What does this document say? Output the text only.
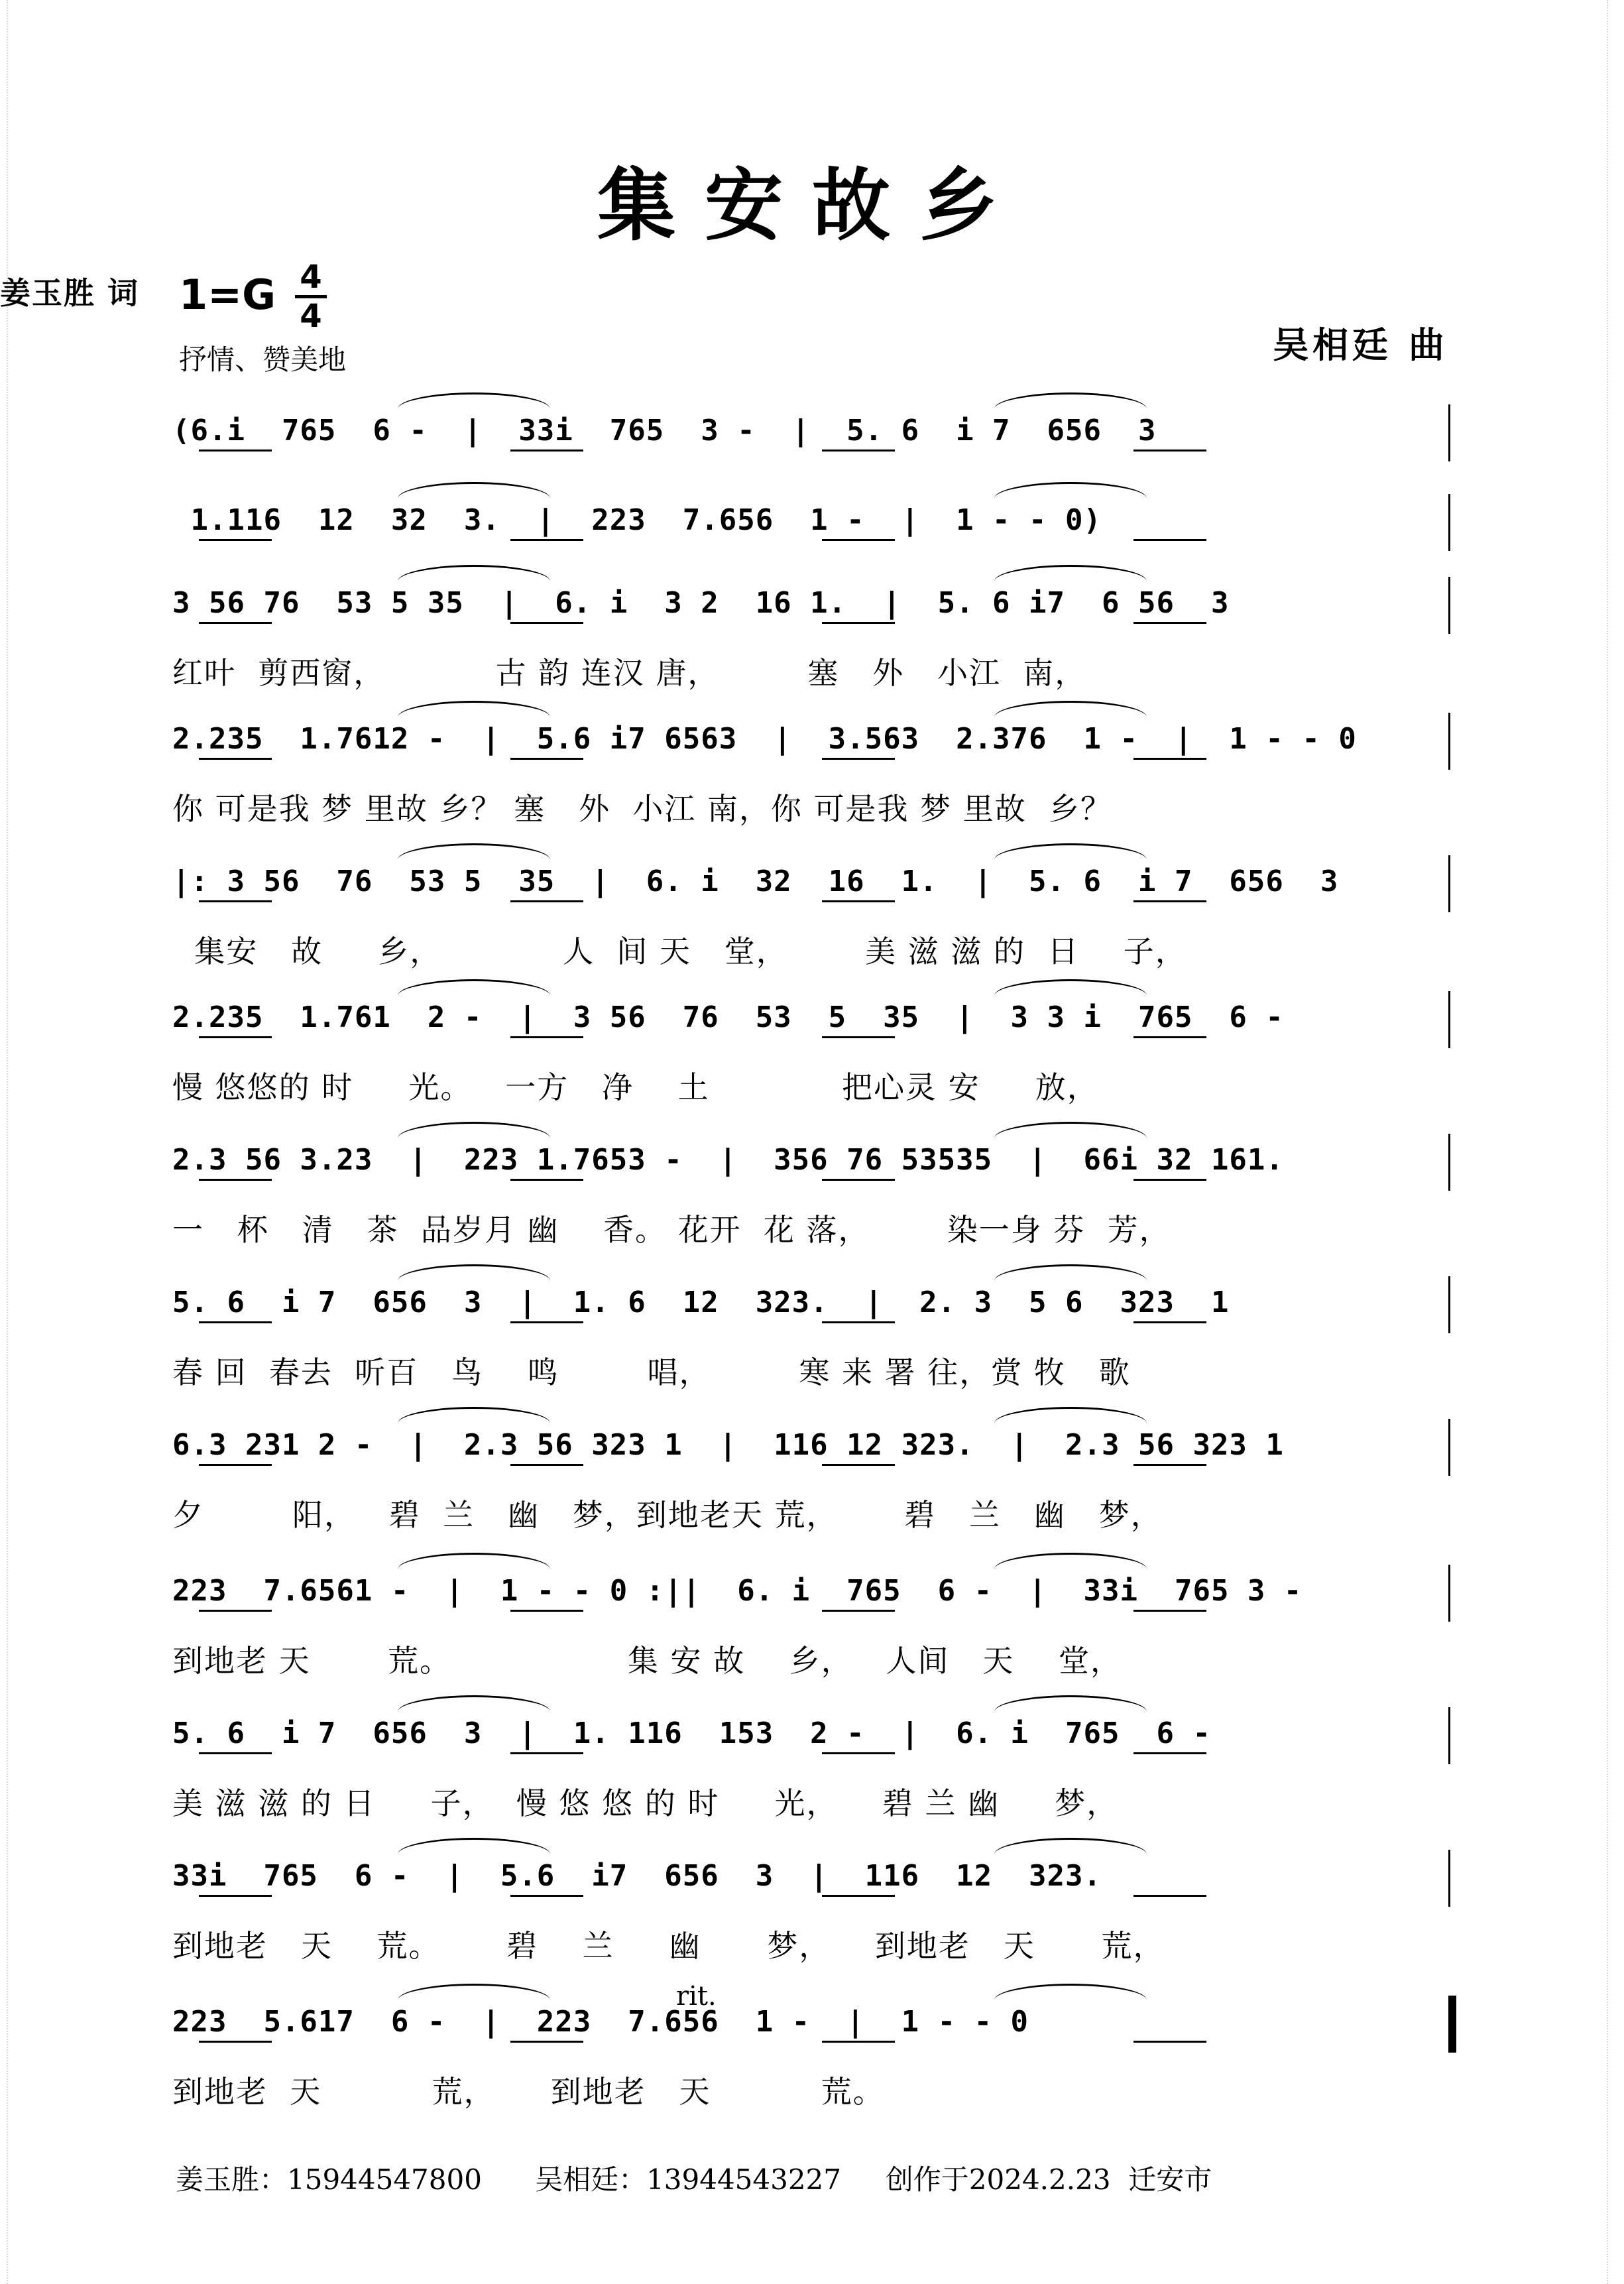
集安故乡
1=G 4
4
抒情、赞美地
姜玉胜 词
吴相廷 曲
(6.i  765  6 -  |  33i  765  3 -  |  5. 6  i 7  656  3
1.116  12  32  3.  |  223  7.656  1 -  |  1 - - 0)
3 56 76  53 5 35  |  6. i  3 2  16 1.  |  5. 6 i7  6 56  3
红叶  剪西窗，          古 韵 连汉 唐，        塞   外   小江  南，
2.235  1.7612 -  |  5.6 i7 6563  |  3.563  2.376  1 -  |  1 - - 0
你 可是我 梦 里故 乡？ 塞   外  小江 南，你 可是我 梦 里故  乡？
|: 3 56  76  53 5  35  |  6. i  32  16  1.  |  5. 6  i 7  656  3
集安   故     乡，           人  间 天   堂，       美 滋 滋 的  日    子，
2.235  1.761  2 -  |  3 56  76  53  5  35  |  3 3 i  765  6 -
慢 悠悠的 时     光。   一方   净    土            把心灵 安     放，
2.3 56 3.23  |  223 1.7653 -  |  356 76 53535  |  66i 32 161.
一   杯   清   茶  品岁月 幽    香。 花开  花 落，       染一身 芬  芳，
5. 6  i 7  656  3  |  1. 6  12  323.  |  2. 3  5 6  323  1
春 回  春去  听百   鸟    鸣        唱，        寒 来 署 往，赏 牧   歌
6.3 231 2 -  |  2.3 56 323 1  |  116 12 323.  |  2.3 56 323 1
夕        阳，   碧  兰   幽   梦，到地老天 荒，      碧   兰   幽   梦，
223  7.6561 -  |  1 - - 0 :||  6. i  765  6 -  |  33i  765 3 -
到地老 天       荒。                集 安 故    乡，   人间   天    堂，
5. 6  i 7  656  3  |  1. 116  153  2 -  |  6. i  765  6 -
美 滋 滋 的 日     子，  慢 悠 悠 的 时     光，    碧 兰 幽     梦，
33i  765  6 -  |  5.6  i7  656  3  |  116  12  323.
到地老   天    荒。      碧    兰     幽      梦，    到地老   天      荒，
223  5.617  6 -  |  223  7.656  1 -  |  1 - - 0
到地老  天          荒，     到地老   天          荒。
rit.
姜玉胜：15944547800 吴相廷：13944543227 创作于2024.2.23  迁安市
